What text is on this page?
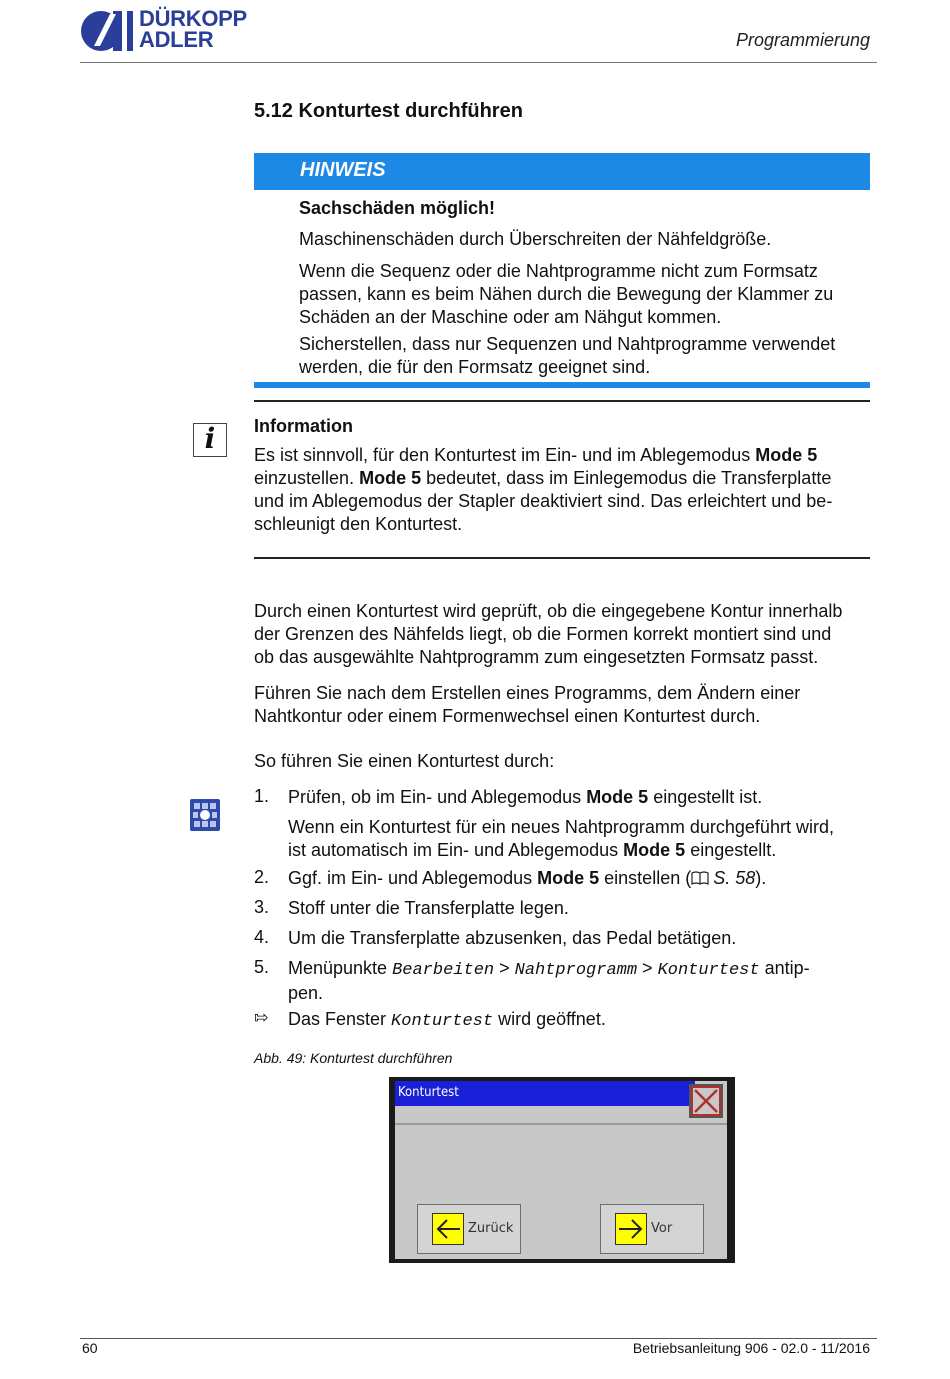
DÜRKOPP
ADLER	Programmierung
5.12 Konturtest durchführen
HINWEIS
Sachschäden möglich!
Maschinenschäden durch Überschreiten der Nähfeldgröße.
Wenn die Sequenz oder die Nahtprogramme nicht zum Formsatz
passen, kann es beim Nähen durch die Bewegung der Klammer zu
Schäden an der Maschine oder am Nähgut kommen.
Sicherstellen, dass nur Sequenzen und Nahtprogramme verwendet
werden, die für den Formsatz geeignet sind.
i	Information
Es ist sinnvoll, für den Konturtest im Ein- und im Ablegemodus Mode 5
einzustellen. Mode 5 bedeutet, dass im Einlegemodus die Transferplatte
und im Ablegemodus der Stapler deaktiviert sind. Das erleichtert und be-
schleunigt den Konturtest.
Durch einen Konturtest wird geprüft, ob die eingegebene Kontur innerhalb
der Grenzen des Nähfelds liegt, ob die Formen korrekt montiert sind und
ob das ausgewählte Nahtprogramm zum eingesetzten Formsatz passt.
Führen Sie nach dem Erstellen eines Programms, dem Ändern einer
Nahtkontur oder einem Formenwechsel einen Konturtest durch.
So führen Sie einen Konturtest durch:
1. Prüfen, ob im Ein- und Ablegemodus Mode 5 eingestellt ist.
Wenn ein Konturtest für ein neues Nahtprogramm durchgeführt wird,
ist automatisch im Ein- und Ablegemodus Mode 5 eingestellt.
2. Ggf. im Ein- und Ablegemodus Mode 5 einstellen ( S. 58).
3. Stoff unter die Transferplatte legen.
4. Um die Transferplatte abzusenken, das Pedal betätigen.
5. Menüpunkte Bearbeiten > Nahtprogramm > Konturtest antip-
pen.
⇰ Das Fenster Konturtest wird geöffnet.
Abb. 49: Konturtest durchführen
Konturtest
Zurück	Vor
60	Betriebsanleitung 906 - 02.0 - 11/2016
